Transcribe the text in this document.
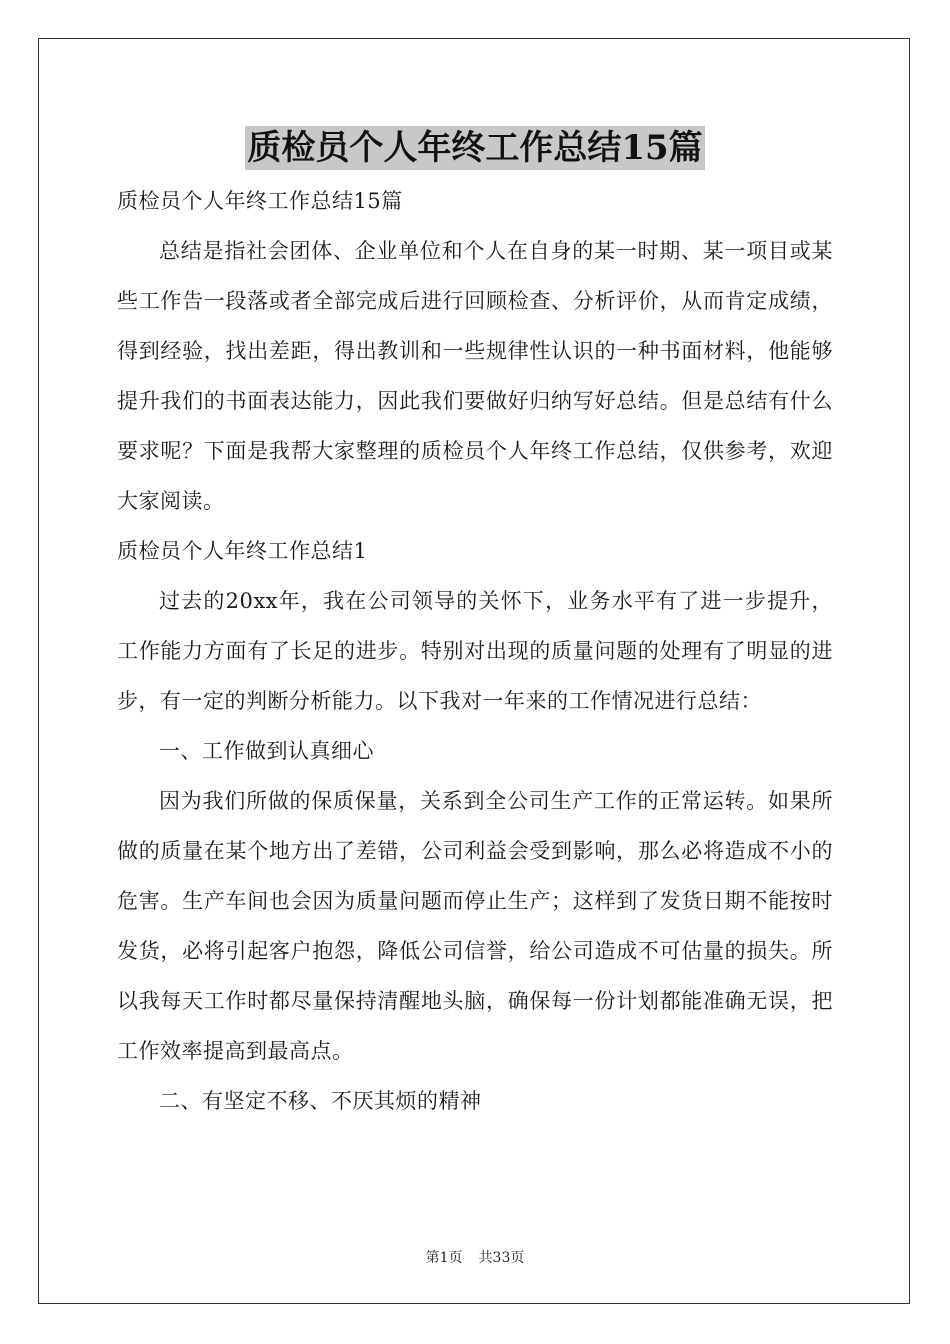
质检员个人年终工作总结15篇

质检员个人年终工作总结15篇

总结是指社会团体、企业单位和个人在自身的某一时期、某一项目或某些工作告一段落或者全部完成后进行回顾检查、分析评价，从而肯定成绩，得到经验，找出差距，得出教训和一些规律性认识的一种书面材料，他能够提升我们的书面表达能力，因此我们要做好归纳写好总结。但是总结有什么要求呢？下面是我帮大家整理的质检员个人年终工作总结，仅供参考，欢迎大家阅读。

质检员个人年终工作总结1

过去的20xx年，我在公司领导的关怀下，业务水平有了进一步提升，工作能力方面有了长足的进步。特别对出现的质量问题的处理有了明显的进步，有一定的判断分析能力。以下我对一年来的工作情况进行总结：

一、工作做到认真细心

因为我们所做的保质保量，关系到全公司生产工作的正常运转。如果所做的质量在某个地方出了差错，公司利益会受到影响，那么必将造成不小的危害。生产车间也会因为质量问题而停止生产；这样到了发货日期不能按时发货，必将引起客户抱怨，降低公司信誉，给公司造成不可估量的损失。所以我每天工作时都尽量保持清醒地头脑，确保每一份计划都能准确无误，把工作效率提高到最高点。

二、有坚定不移、不厌其烦的精神

第1页 共33页
